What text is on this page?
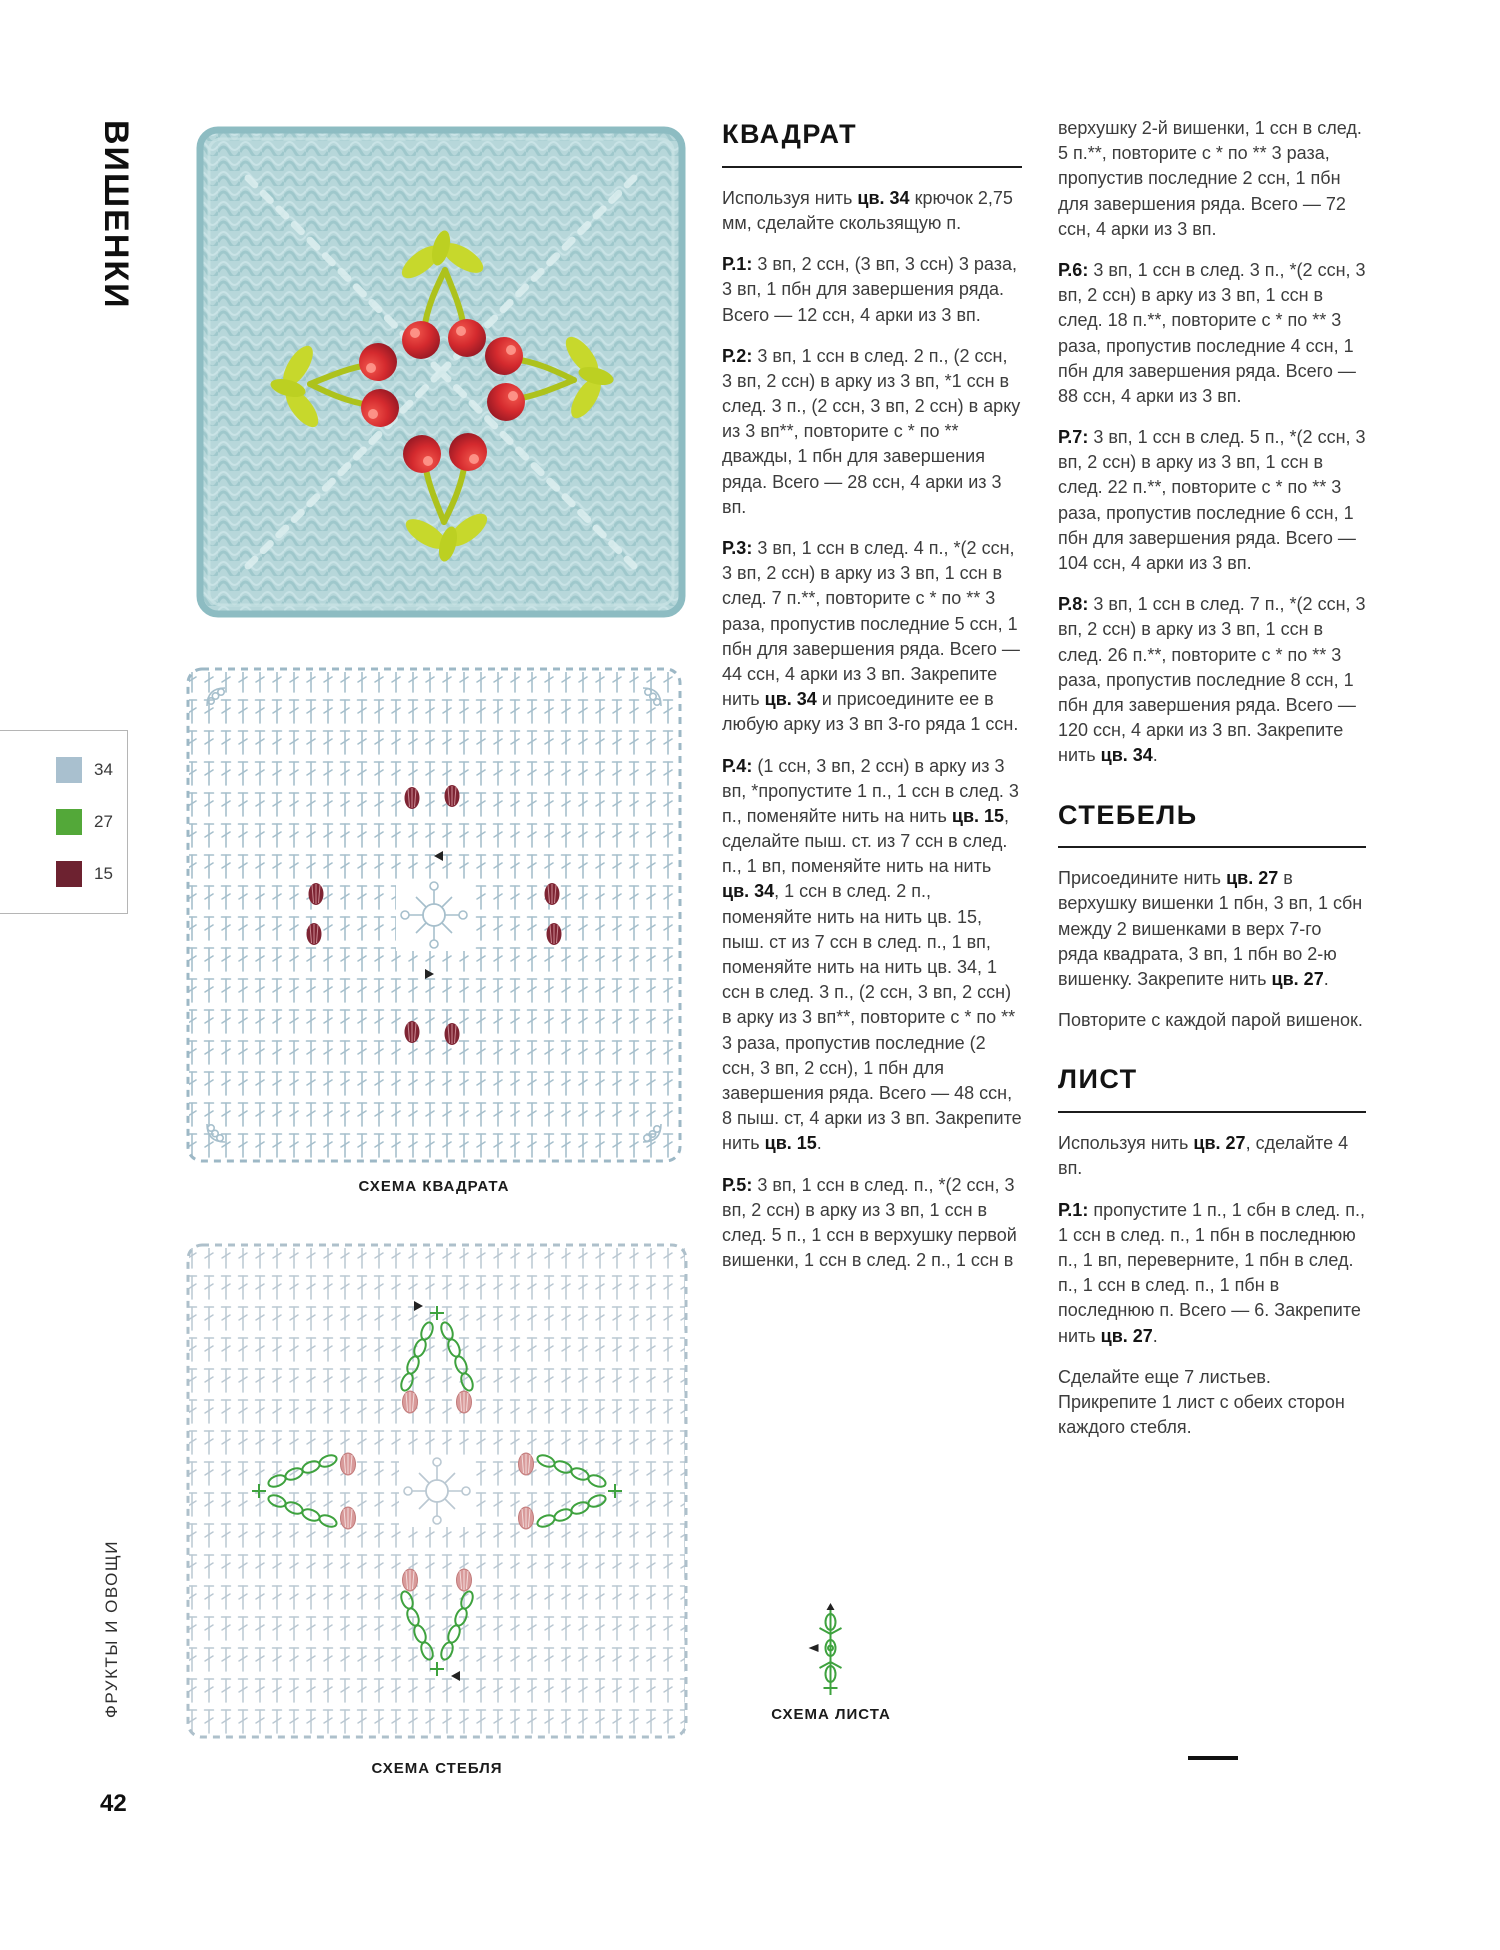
ВИШЕНКИ
СХЕМА КВАДРАТА
34
27
15
СХЕМА СТЕБЛЯ
СХЕМА ЛИСТА
КВАДРАТ

Используя нить цв. 34 крючок 2,75 мм, сделайте скользящую п.

Р.1: 3 вп, 2 ссн, (3 вп, 3 ссн) 3 раза, 3 вп, 1 пбн для завершения ряда. Всего — 12 ссн, 4 арки из 3 вп.

Р.2: 3 вп, 1 ссн в след. 2 п., (2 ссн, 3 вп, 2 ссн) в арку из 3 вп, *1 ссн в след. 3 п., (2 ссн, 3 вп, 2 ссн) в арку из 3 вп**, повторите с * по ** дважды, 1 пбн для завершения ряда. Всего — 28 ссн, 4 арки из 3 вп.

Р.3: 3 вп, 1 ссн в след. 4 п., *(2 ссн, 3 вп, 2 ссн) в арку из 3 вп, 1 ссн в след. 7 п.**, повторите с * по ** 3 раза, пропустив последние 5 ссн, 1 пбн для завершения ряда. Всего — 44 ссн, 4 арки из 3 вп. Закрепите нить цв. 34 и присоедините ее в любую арку из 3 вп 3-го ряда 1 ссн.

Р.4: (1 ссн, 3 вп, 2 ссн) в арку из 3 вп, *пропустите 1 п., 1 ссн в след. 3 п., поменяйте нить на нить цв. 15, сделайте пыш. ст. из 7 ссн в след. п., 1 вп, поменяйте нить на нить цв. 34, 1 ссн в след. 2 п., поменяйте нить на нить цв. 15, пыш. ст из 7 ссн в след. п., 1 вп, поменяйте нить на нить цв. 34, 1 ссн в след. 3 п., (2 ссн, 3 вп, 2 ссн) в арку из 3 вп**, повторите с * по ** 3 раза, пропустив последние (2 ссн, 3 вп, 2 ссн), 1 пбн для завершения ряда. Всего — 48 ссн, 8 пыш. ст, 4 арки из 3 вп. Закрепите нить цв. 15.

Р.5: 3 вп, 1 ссн в след. п., *(2 ссн, 3 вп, 2 ссн) в арку из 3 вп, 1 ссн в след. 5 п., 1 ссн в верхушку первой вишенки, 1 ссн в след. 2 п., 1 ссн в

верхушку 2-й вишенки, 1 ссн в след. 5 п.**, повторите с * по ** 3 раза, пропустив последние 2 ссн, 1 пбн для завершения ряда. Всего — 72 ссн, 4 арки из 3 вп.

Р.6: 3 вп, 1 ссн в след. 3 п., *(2 ссн, 3 вп, 2 ссн) в арку из 3 вп, 1 ссн в след. 18 п.**, повторите с * по ** 3 раза, пропустив последние 4 ссн, 1 пбн для завершения ряда. Всего — 88 ссн, 4 арки из 3 вп.

Р.7: 3 вп, 1 ссн в след. 5 п., *(2 ссн, 3 вп, 2 ссн) в арку из 3 вп, 1 ссн в след. 22 п.**, повторите с * по ** 3 раза, пропустив последние 6 ссн, 1 пбн для завершения ряда. Всего — 104 ссн, 4 арки из 3 вп.

Р.8: 3 вп, 1 ссн в след. 7 п., *(2 ссн, 3 вп, 2 ссн) в арку из 3 вп, 1 ссн в след. 26 п.**, повторите с * по ** 3 раза, пропустив последние 8 ссн, 1 пбн для завершения ряда. Всего — 120 ссн, 4 арки из 3 вп. Закрепите нить цв. 34.

СТЕБЕЛЬ

Присоедините нить цв. 27 в верхушку вишенки 1 пбн, 3 вп, 1 сбн между 2 вишенками в верх 7-го ряда квадрата, 3 вп, 1 пбн во 2-ю вишенку. Закрепите нить цв. 27.

Повторите с каждой парой вишенок.

ЛИСТ

Используя нить цв. 27, сделайте 4 вп.

Р.1: пропустите 1 п., 1 сбн в след. п., 1 ссн в след. п., 1 пбн в последнюю п., 1 вп, переверните, 1 пбн в след. п., 1 ссн в след. п., 1 пбн в последнюю п. Всего — 6. Закрепите нить цв. 27.

Сделайте еще 7 листьев. Прикрепите 1 лист с обеих сторон каждого стебля.

ФРУКТЫ И ОВОЩИ
42
